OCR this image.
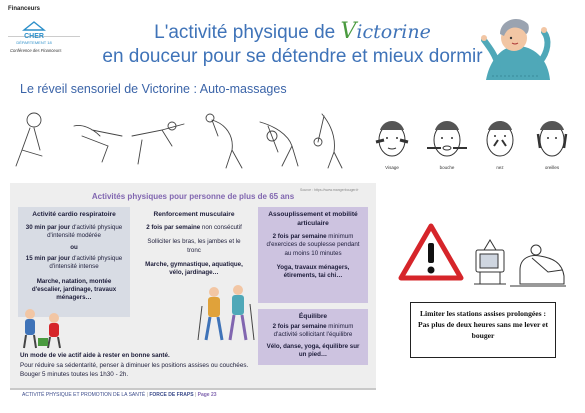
Financeurs
CHER
DÉPARTEMENT 18
Conférence des Financeurs
L'activité physique de Victorine
en douceur pour se détendre et mieux dormir
Le réveil sensoriel de Victorine : Auto-massages
Visage	bouche	nez	oreilles
Activités physiques pour personne de plus de 65 ans
Source : https://www.mangerbouger.fr
Activité cardio respiratoire

30 min par jour d'activité physique d'intensité modérée

ou

15 min par jour d'activité physique d'intensité intense

Marche, natation, montée d'escalier, jardinage, travaux ménagers…

Renforcement musculaire

2 fois par semaine non consécutif

Solliciter les bras, les jambes et le tronc

Marche, gymnastique, aquatique, vélo, jardinage…

Assouplissement et mobilité articulaire

2 fois par semaine minimum d'exercices de souplesse pendant au moins 10 minutes

Yoga, travaux ménagers, étirements, tai chi…

Équilibre

2 fois par semaine minimum d'activité sollicitant l'équilibre

Vélo, danse, yoga, équilibre sur un pied…

Un mode de vie actif aide à rester en bonne santé.
Pour réduire sa sédentarité, penser à diminuer les positions assises ou couchées. Bouger 5 minutes toutes les 1h30 - 2h.
ACTIVITÉ PHYSIQUE ET PROMOTION DE LA SANTÉ | FORCE DE FRAPS | Page 23
Limiter les stations assises prolongées : Pas plus de deux heures sans me lever et bouger
